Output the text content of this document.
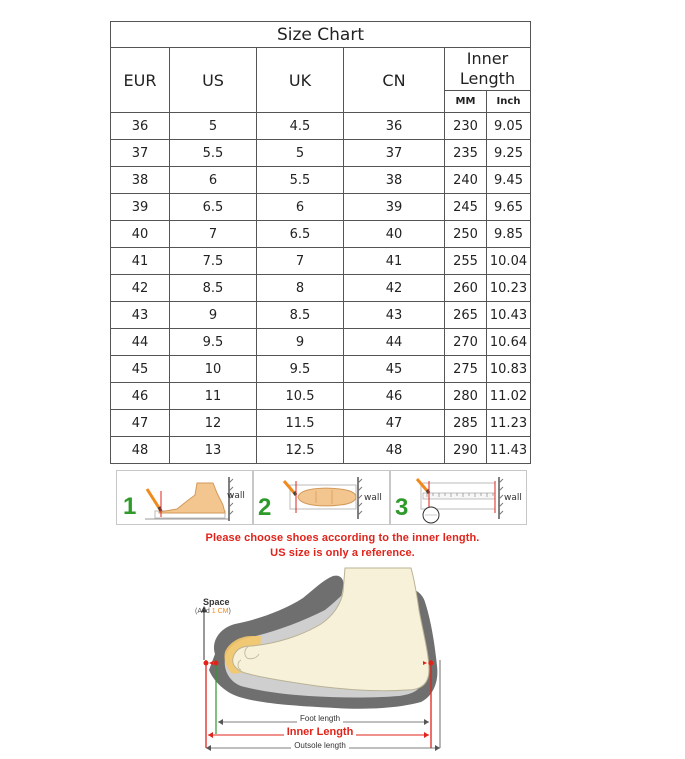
Size Chart					
EUR	US	UK	CN	Inner Length	
				MM	Inch
36	5	4.5	36	230	9.05
37	5.5	5	37	235	9.25
38	6	5.5	38	240	9.45
39	6.5	6	39	245	9.65
40	7	6.5	40	250	9.85
41	7.5	7	41	255	10.04
42	8.5	8	42	260	10.23
43	9	8.5	43	265	10.43
44	9.5	9	44	270	10.64
45	10	9.5	45	275	10.83
46	11	10.5	46	280	11.02
47	12	11.5	47	285	11.23
48	13	12.5	48	290	11.43
1	wall 2	wall 3	wall
Please choose shoes according to the inner length.
US size is only a reference.
Space
(Add 1 CM)
Foot length
Inner Length
Outsole length
